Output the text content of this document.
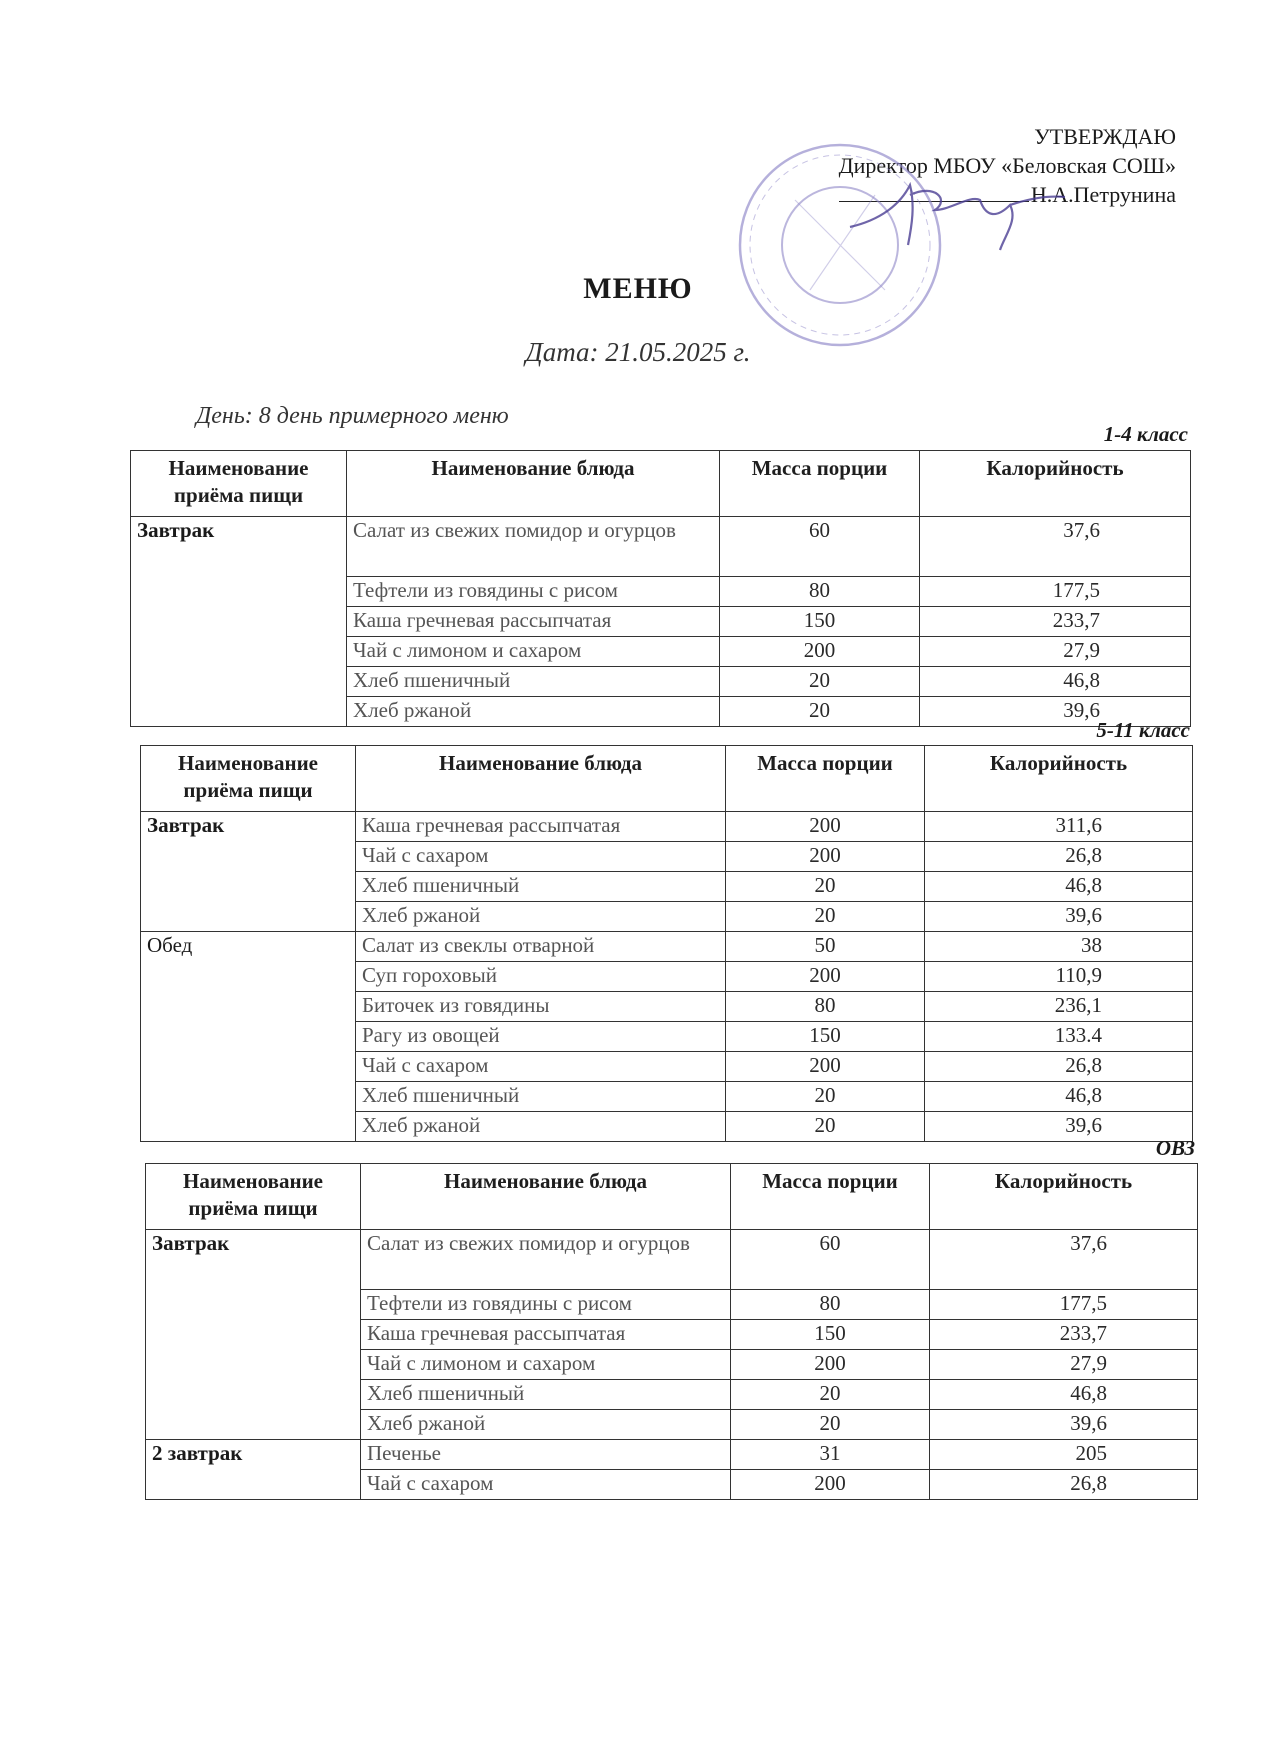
УТВЕРЖДАЮ
Директор МБОУ «Беловская СОШ»
Н.А.Петрунина
МЕНЮ
Дата: 21.05.2025 г.
День: 8 день примерного меню
1-4 класс
Наименование приёма пищи	Наименование блюда	Масса порции	Калорийность
Завтрак	Салат из свежих помидор и огурцов	60	37,6
	Тефтели из говядины с рисом	80	177,5
	Каша гречневая рассыпчатая	150	233,7
	Чай с лимоном и сахаром	200	27,9
	Хлеб пшеничный	20	46,8
	Хлеб ржаной	20	39,6
5-11 класс
Наименование приёма пищи	Наименование блюда	Масса порции	Калорийность
Завтрак	Каша гречневая рассыпчатая	200	311,6
	Чай с сахаром	200	26,8
	Хлеб пшеничный	20	46,8
	Хлеб ржаной	20	39,6
Обед	Салат из свеклы отварной	50	38
	Суп гороховый	200	110,9
	Биточек из говядины	80	236,1
	Рагу из овощей	150	133.4
	Чай с сахаром	200	26,8
	Хлеб пшеничный	20	46,8
	Хлеб ржаной	20	39,6
ОВЗ
Наименование приёма пищи	Наименование блюда	Масса порции	Калорийность
Завтрак	Салат из свежих помидор и огурцов	60	37,6
	Тефтели из говядины с рисом	80	177,5
	Каша гречневая рассыпчатая	150	233,7
	Чай с лимоном и сахаром	200	27,9
	Хлеб пшеничный	20	46,8
	Хлеб ржаной	20	39,6
2 завтрак	Печенье	31	205
	Чай с сахаром	200	26,8
